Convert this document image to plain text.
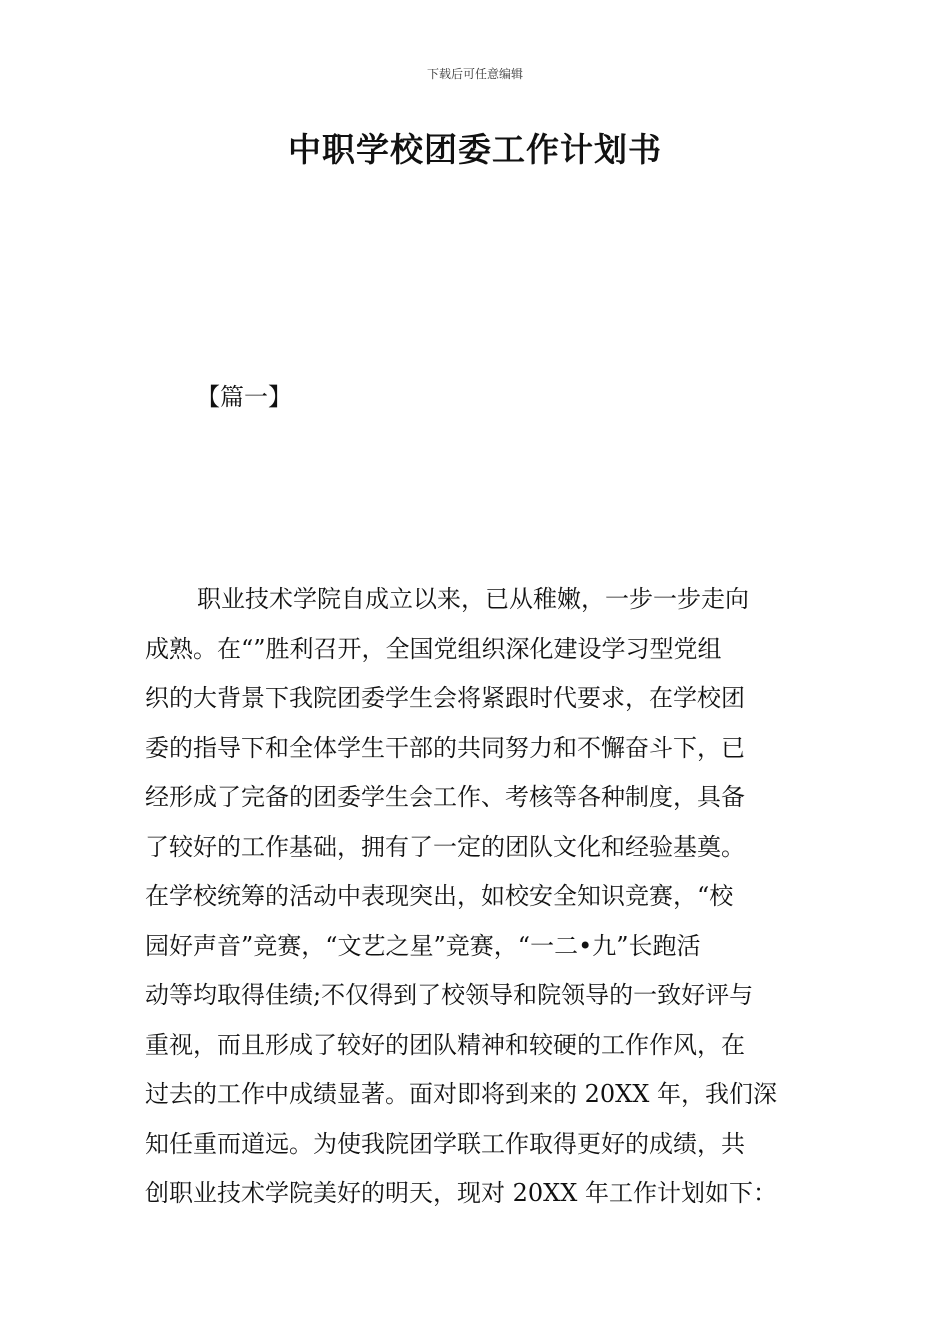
下载后可任意编辑
中职学校团委工作计划书

【篇一】

职业技术学院自成立以来，已从稚嫩，一步一步走向
成熟。在“”胜利召开，全国党组织深化建设学习型党组
织的大背景下我院团委学生会将紧跟时代要求，在学校团
委的指导下和全体学生干部的共同努力和不懈奋斗下，已
经形成了完备的团委学生会工作、考核等各种制度，具备
了较好的工作基础，拥有了一定的团队文化和经验基奠。
在学校统筹的活动中表现突出，如校安全知识竞赛，“校
园好声音”竞赛，“文艺之星”竞赛，“一二•九”长跑活
动等均取得佳绩;不仅得到了校领导和院领导的一致好评与
重视，而且形成了较好的团队精神和较硬的工作作风，在
过去的工作中成绩显著。面对即将到来的 20XX 年，我们深
知任重而道远。为使我院团学联工作取得更好的成绩，共
创职业技术学院美好的明天，现对 20XX 年工作计划如下：
